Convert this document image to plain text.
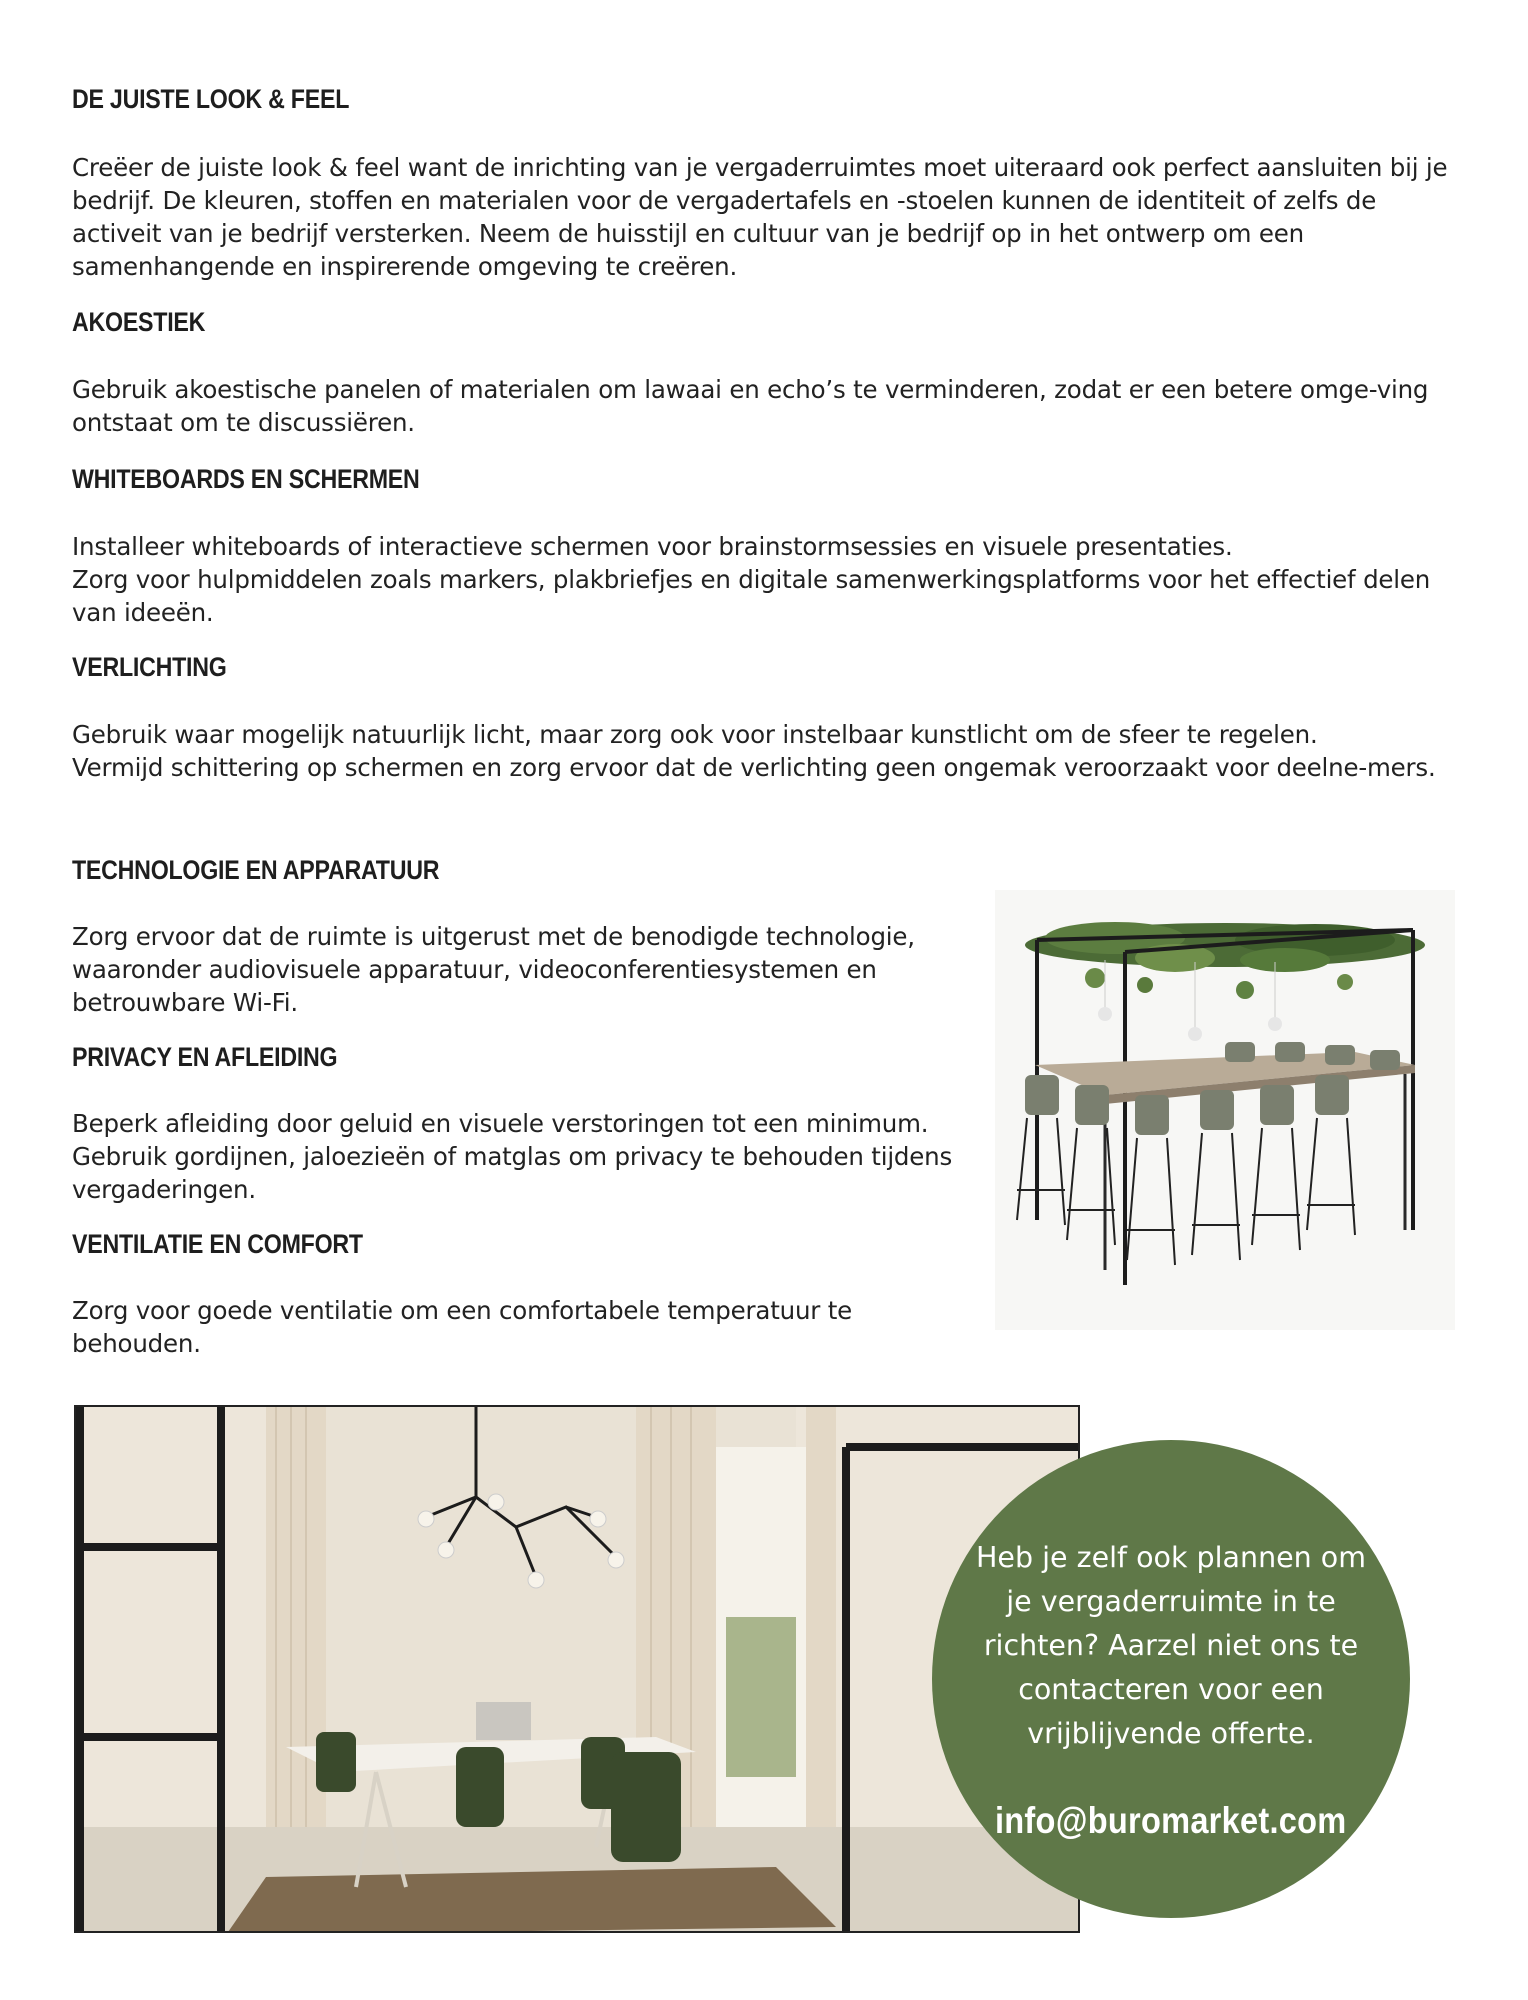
DE JUISTE LOOK & FEEL

Creëer de juiste look & feel want de inrichting van je vergaderruimtes moet uiteraard ook perfect aansluiten bij je bedrijf. De kleuren, stoffen en materialen voor de vergadertafels en -stoelen kunnen de identiteit of zelfs de activeit van je bedrijf versterken. Neem de huisstijl en cultuur van je bedrijf op in het ontwerp om een samenhangende en inspirerende omgeving te creëren.

AKOESTIEK

Gebruik akoestische panelen of materialen om lawaai en echo’s te verminderen, zodat er een betere omge-ving ontstaat om te discussiëren.

WHITEBOARDS EN SCHERMEN

Installeer whiteboards of interactieve schermen voor brainstormsessies en visuele presentaties.

Zorg voor hulpmiddelen zoals markers, plakbriefjes en digitale samenwerkingsplatforms voor het effectief delen van ideeën.

VERLICHTING

Gebruik waar mogelijk natuurlijk licht, maar zorg ook voor instelbaar kunstlicht om de sfeer te regelen.

Vermijd schittering op schermen en zorg ervoor dat de verlichting geen ongemak veroorzaakt voor deelne-mers.

TECHNOLOGIE EN APPARATUUR

Zorg ervoor dat de ruimte is uitgerust met de benodigde technologie, waaronder audiovisuele apparatuur, videoconferentiesystemen en betrouwbare Wi-Fi.

PRIVACY EN AFLEIDING

Beperk afleiding door geluid en visuele verstoringen tot een minimum.

Gebruik gordijnen, jaloezieën of matglas om privacy te behouden tijdens vergaderingen.

VENTILATIE EN COMFORT

Zorg voor goede ventilatie om een comfortabele temperatuur te behouden.

Heb je zelf ook plannen om je vergaderruimte in te richten? Aarzel niet ons te contacteren voor een vrijblijvende offerte.
info@buromarket.com
